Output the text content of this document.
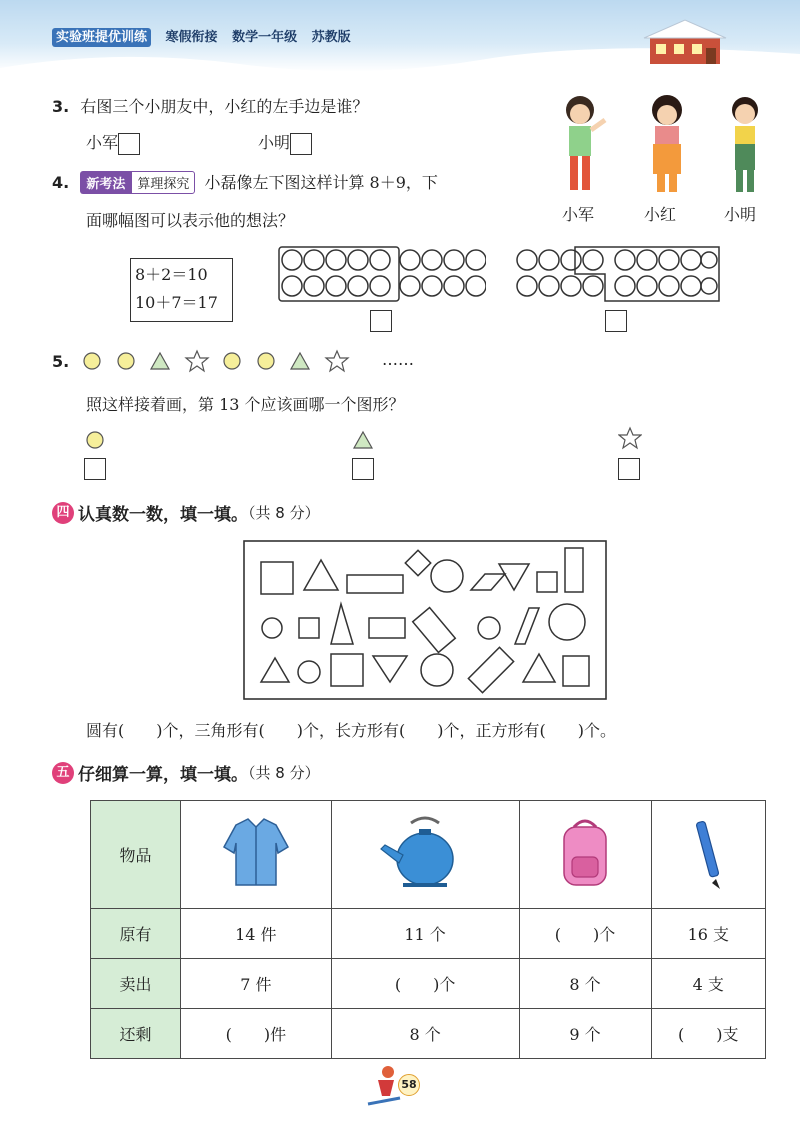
实验班提优训练 寒假衔接 数学一年级 苏教版
3. 右图三个小朋友中，小红的左手边是谁？
小军	小明
小军	小红	小明
4. 新考法 算理探究 小磊像左下图这样计算 8＋9，下
面哪幅图可以表示他的想法？
8＋2＝10
10＋7＝17
5.	……
照这样接着画，第 13 个应该画哪一个图形？
四 认真数一数，填一填。（共 8 分）
圆有(　　)个，三角形有(　　)个，长方形有(　　)个，正方形有(　　)个。
五 仔细算一算，填一填。（共 8 分）
物品				
原有	14 件	11 个	(　　)个	16 支
卖出	7 件	(　　)个	8 个	4 支
还剩	(　　)件	8 个	9 个	(　　)支
58
